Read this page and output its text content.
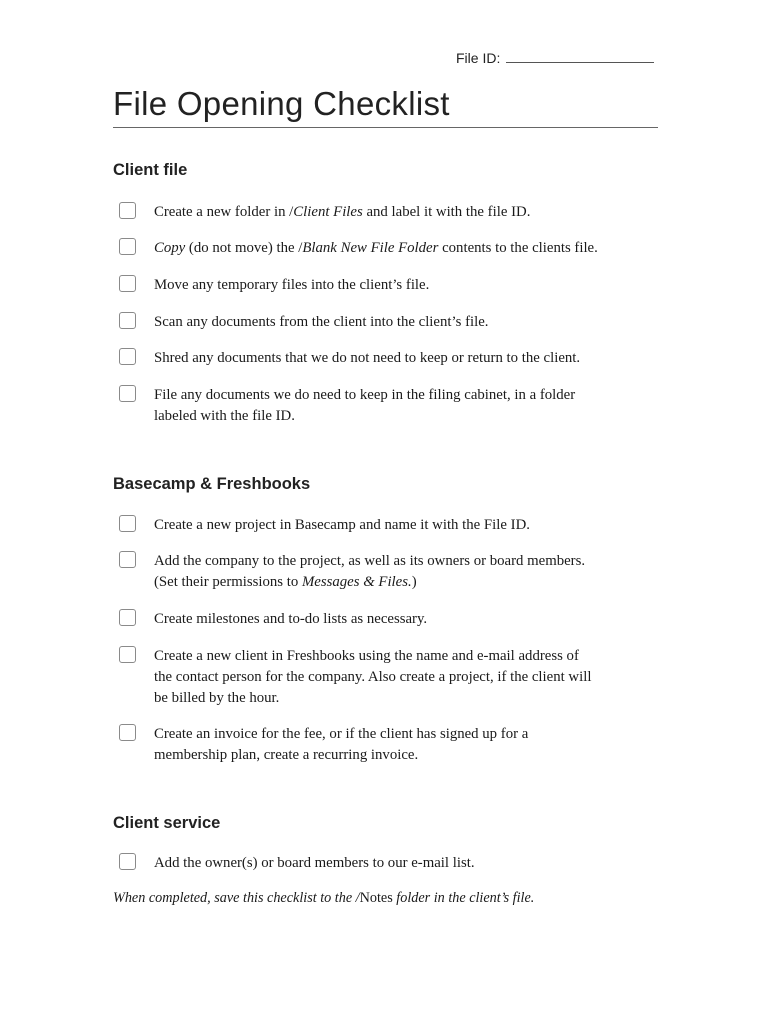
File ID:
File Opening Checklist
Client file
Create a new folder in /Client Files and label it with the file ID.
Copy (do not move) the /Blank New File Folder contents to the clients file.
Move any temporary files into the client’s file.
Scan any documents from the client into the client’s file.
Shred any documents that we do not need to keep or return to the client.
File any documents we do need to keep in the filing cabinet, in a folder
labeled with the file ID.
Basecamp & Freshbooks
Create a new project in Basecamp and name it with the File ID.
Add the company to the project, as well as its owners or board members.
(Set their permissions to Messages & Files.)
Create milestones and to-do lists as necessary.
Create a new client in Freshbooks using the name and e-mail address of
the contact person for the company. Also create a project, if the client will
be billed by the hour.
Create an invoice for the fee, or if the client has signed up for a
membership plan, create a recurring invoice.
Client service
Add the owner(s) or board members to our e-mail list.
When completed, save this checklist to the /Notes folder in the client’s file.
